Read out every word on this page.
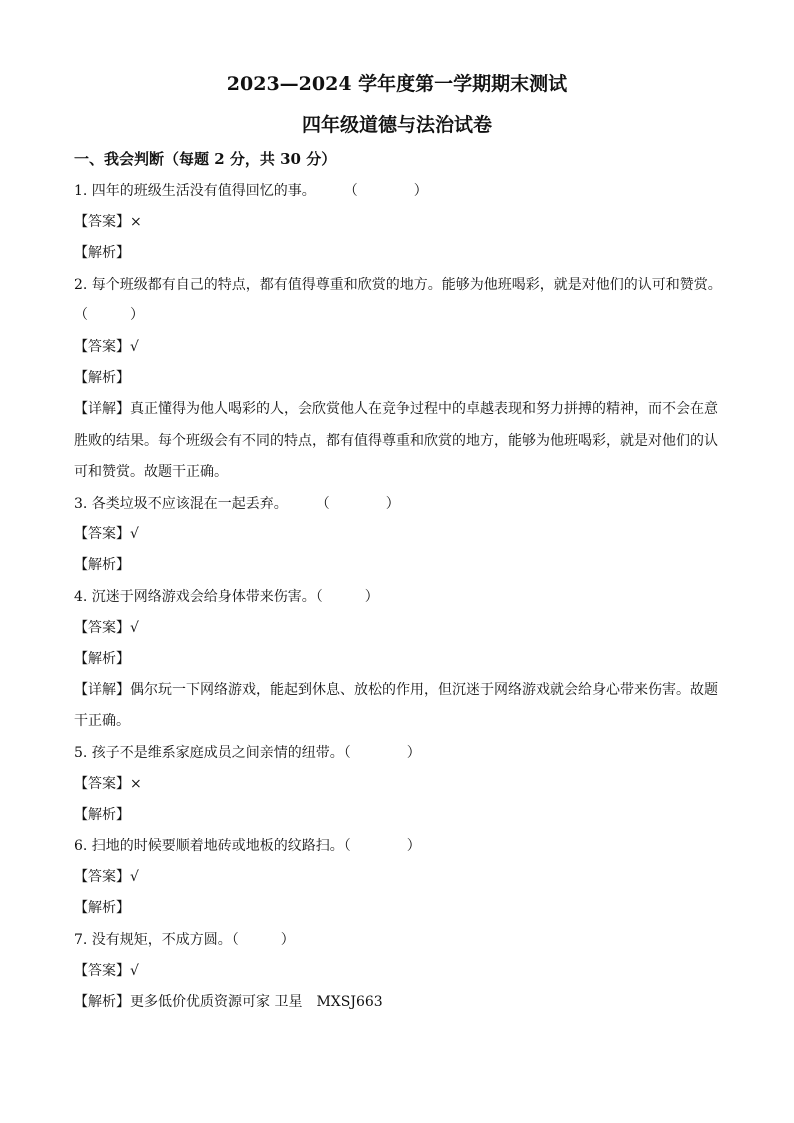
2023—2024 学年度第一学期期末测试
四年级道德与法治试卷
一、我会判断（每题 2 分，共 30 分）
1. 四年的班级生活没有值得回忆的事。　　　（　　　　）
【答案】×
【解析】
2. 每个班级都有自己的特点，都有值得尊重和欣赏的地方。能够为他班喝彩，就是对他们的认可和赞赏。
（　　　）
【答案】√
【解析】
【详解】真正懂得为他人喝彩的人，会欣赏他人在竞争过程中的卓越表现和努力拼搏的精神，而不会在意
胜败的结果。每个班级会有不同的特点，都有值得尊重和欣赏的地方，能够为他班喝彩，就是对他们的认
可和赞赏。故题干正确。
3. 各类垃圾不应该混在一起丢弃。　　　（　　　　）
【答案】√
【解析】
4. 沉迷于网络游戏会给身体带来伤害。（　　　）
【答案】√
【解析】
【详解】偶尔玩一下网络游戏，能起到休息、放松的作用，但沉迷于网络游戏就会给身心带来伤害。故题
干正确。
5. 孩子不是维系家庭成员之间亲情的纽带。（　　　　）
【答案】×
【解析】
6. 扫地的时候要顺着地砖或地板的纹路扫。（　　　　）
【答案】√
【解析】
7. 没有规矩，不成方圆。（　　　）
【答案】√
【解析】更多低价优质资源可家 卫星　MXSJ663
